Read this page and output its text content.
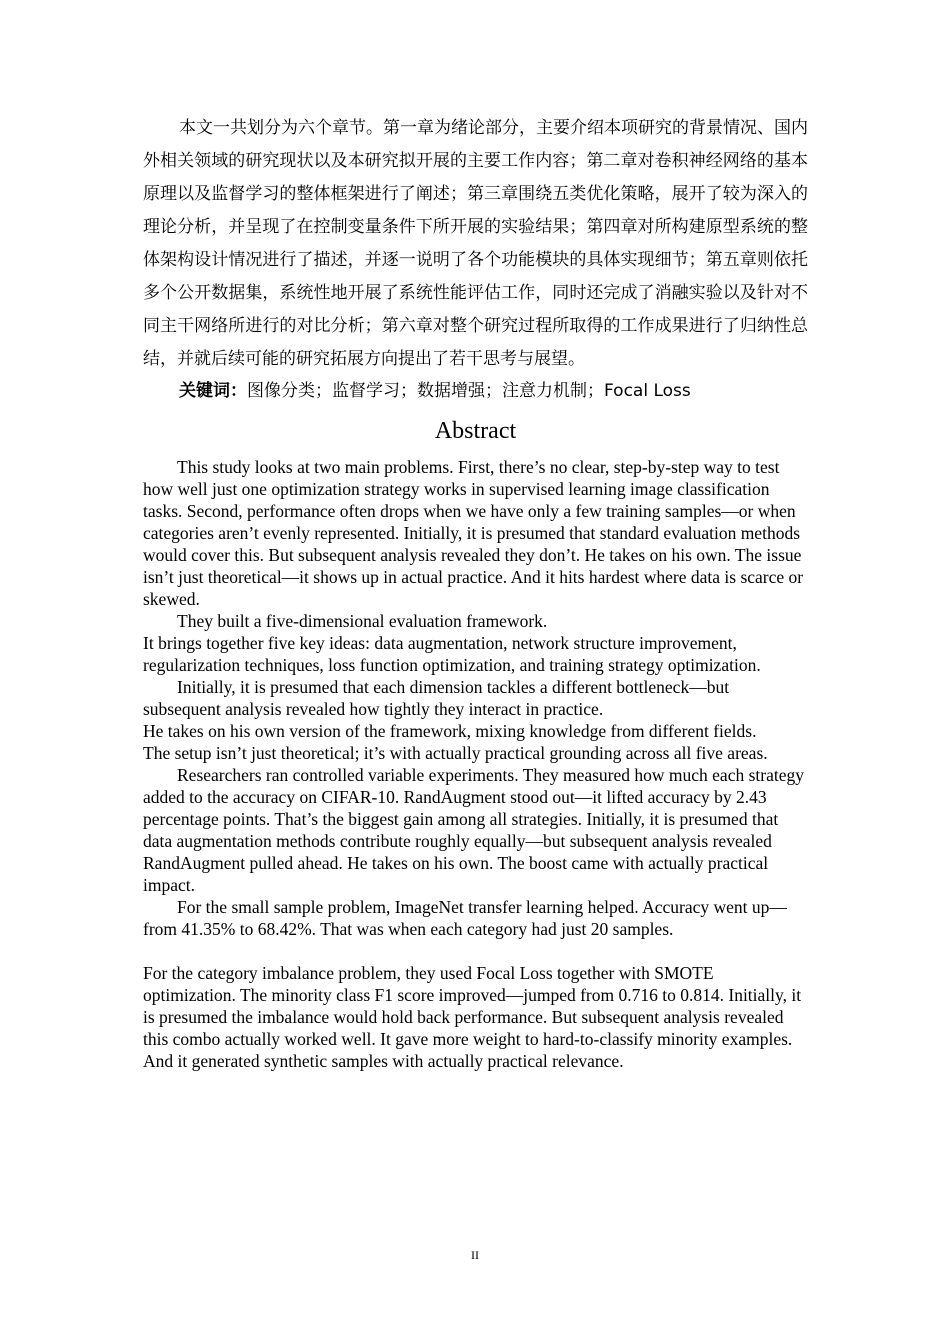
本文一共划分为六个章节。第一章为绪论部分，主要介绍本项研究的背景情况、国内外相关领域的研究现状以及本研究拟开展的主要工作内容；第二章对卷积神经网络的基本原理以及监督学习的整体框架进行了阐述；第三章围绕五类优化策略，展开了较为深入的理论分析，并呈现了在控制变量条件下所开展的实验结果；第四章对所构建原型系统的整体架构设计情况进行了描述，并逐一说明了各个功能模块的具体实现细节；第五章则依托多个公开数据集，系统性地开展了系统性能评估工作，同时还完成了消融实验以及针对不同主干网络所进行的对比分析；第六章对整个研究过程所取得的工作成果进行了归纳性总结，并就后续可能的研究拓展方向提出了若干思考与展望。

关键词：图像分类；监督学习；数据增强；注意力机制；Focal Loss

Abstract

This study looks at two main problems. First, there’s no clear, step-by-step way to test how well just one optimization strategy works in supervised learning image classification tasks. Second, performance often drops when we have only a few training samples—or when categories aren’t evenly represented. Initially, it is presumed that standard evaluation methods would cover this. But subsequent analysis revealed they don’t. He takes on his own. The issue isn’t just theoretical—it shows up in actual practice. And it hits hardest where data is scarce or skewed.

They built a five-dimensional evaluation framework.

It brings together five key ideas: data augmentation, network structure improvement, regularization techniques, loss function optimization, and training strategy optimization.

Initially, it is presumed that each dimension tackles a different bottleneck—but subsequent analysis revealed how tightly they interact in practice.

He takes on his own version of the framework, mixing knowledge from different fields.

The setup isn’t just theoretical; it’s with actually practical grounding across all five areas.

Researchers ran controlled variable experiments. They measured how much each strategy added to the accuracy on CIFAR-10. RandAugment stood out—it lifted accuracy by 2.43 percentage points. That’s the biggest gain among all strategies. Initially, it is presumed that data augmentation methods contribute roughly equally—but subsequent analysis revealed RandAugment pulled ahead. He takes on his own. The boost came with actually practical impact.

For the small sample problem, ImageNet transfer learning helped. Accuracy went up—from 41.35% to 68.42%. That was when each category had just 20 samples.

For the category imbalance problem, they used Focal Loss together with SMOTE optimization. The minority class F1 score improved—jumped from 0.716 to 0.814. Initially, it is presumed the imbalance would hold back performance. But subsequent analysis revealed this combo actually worked well. It gave more weight to hard-to-classify minority examples. And it generated synthetic samples with actually practical relevance.

II
